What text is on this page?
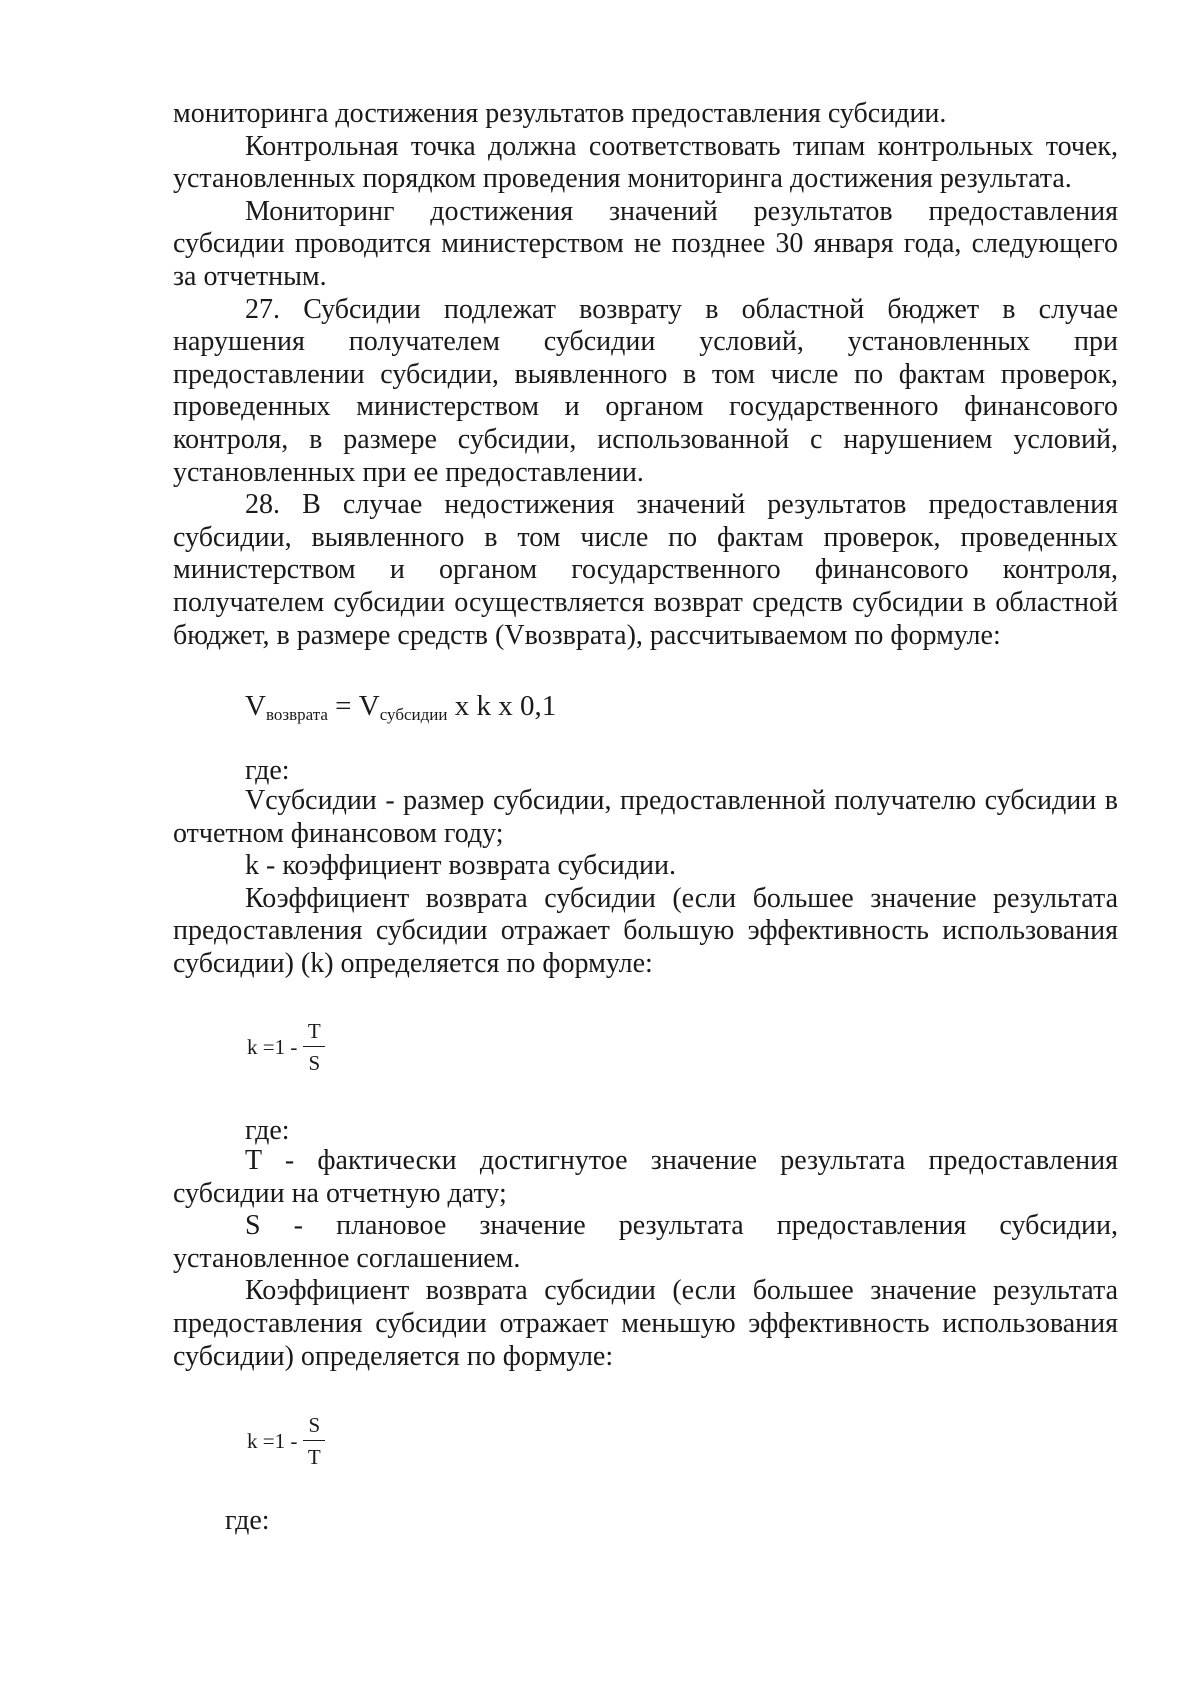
мониторинга достижения результатов предоставления субсидии.

Контрольная точка должна соответствовать типам контрольных точек, установленных порядком проведения мониторинга достижения результата.

Мониторинг достижения значений результатов предоставления субсидии проводится министерством не позднее 30 января года, следующего за отчетным.

27. Субсидии подлежат возврату в областной бюджет в случае нарушения получателем субсидии условий, установленных при предоставлении субсидии, выявленного в том числе по фактам проверок, проведенных министерством и органом государственного финансового контроля, в размере субсидии, использованной с нарушением условий, установленных при ее предоставлении.

28. В случае недостижения значений результатов предоставления субсидии, выявленного в том числе по фактам проверок, проведенных министерством и органом государственного финансового контроля, получателем субсидии осуществляется возврат средств субсидии в областной бюджет, в размере средств (Vвозврата), рассчитываемом по формуле:

$V_{возврата} = V_{субсидии}$ x k x 0,1
где:

Vсубсидии - размер субсидии, предоставленной получателю субсидии в отчетном финансовом году;

k - коэффициент возврата субсидии.

Коэффициент возврата субсидии (если большее значение результата предоставления субсидии отражает большую эффективность использования субсидии) (k) определяется по формуле:

$k =1 - \frac{T}{S}$
где:

T - фактически достигнутое значение результата предоставления субсидии на отчетную дату;

S - плановое значение результата предоставления субсидии, установленное соглашением.

Коэффициент возврата субсидии (если большее значение результата предоставления субсидии отражает меньшую эффективность использования субсидии) определяется по формуле:

$k =1 - \frac{S}{T}$
где:
